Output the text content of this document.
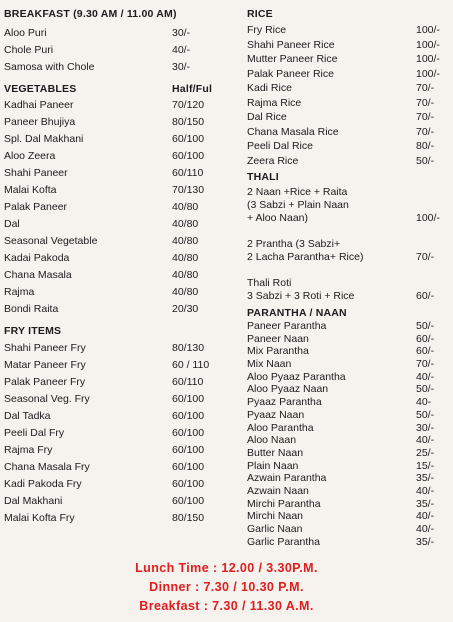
BREAKFAST (9.30 AM / 11.00 AM)
Aloo Puri	30/-
Chole Puri	40/-
Samosa with Chole	30/-
VEGETABLES	Half/Ful
Kadhai Paneer	70/120
Paneer Bhujiya	80/150
Spl. Dal Makhani	60/100
Aloo Zeera	60/100
Shahi Paneer	60/110
Malai Kofta	70/130
Palak Paneer	40/80
Dal	40/80
Seasonal Vegetable	40/80
Kadai Pakoda	40/80
Chana Masala	40/80
Rajma	40/80
Bondi Raita	20/30
FRY ITEMS
Shahi Paneer Fry	80/130
Matar Paneer Fry	60 / 110
Palak Paneer Fry	60/110
Seasonal Veg. Fry	60/100
Dal Tadka	60/100
Peeli Dal Fry	60/100
Rajma Fry	60/100
Chana Masala Fry	60/100
Kadi Pakoda Fry	60/100
Dal Makhani	60/100
Malai Kofta Fry	80/150
RICE
Fry Rice	100/-
Shahi Paneer Rice	100/-
Mutter Paneer Rice	100/-
Palak Paneer Rice	100/-
Kadi Rice	70/-
Rajma Rice	70/-
Dal Rice	70/-
Chana Masala Rice	70/-
Peeli Dal Rice	80/-
Zeera Rice	50/-
THALI
2 Naan +Rice + Raita
(3 Sabzi + Plain Naan
+ Aloo Naan)	100/-
2 Prantha (3 Sabzi+
2 Lacha Parantha+ Rice)	70/-
Thali Roti
3 Sabzi + 3 Roti + Rice	60/-
PARANTHA / NAAN
Paneer Parantha	50/-
Paneer Naan	60/-
Mix Parantha	60/-
Mix Naan	70/-
Aloo Pyaaz Parantha	40/-
Aloo Pyaaz Naan	50/-
Pyaaz Parantha	40-
Pyaaz Naan	50/-
Aloo Parantha	30/-
Aloo Naan	40/-
Butter Naan	25/-
Plain Naan	15/-
Azwain Parantha	35/-
Azwain Naan	40/-
Mirchi Parantha	35/-
Mirchi Naan	40/-
Garlic Naan	40/-
Garlic Parantha	35/-
Lunch Time : 12.00 / 3.30P.M.
Dinner : 7.30 / 10.30 P.M.
Breakfast : 7.30 / 11.30 A.M.
